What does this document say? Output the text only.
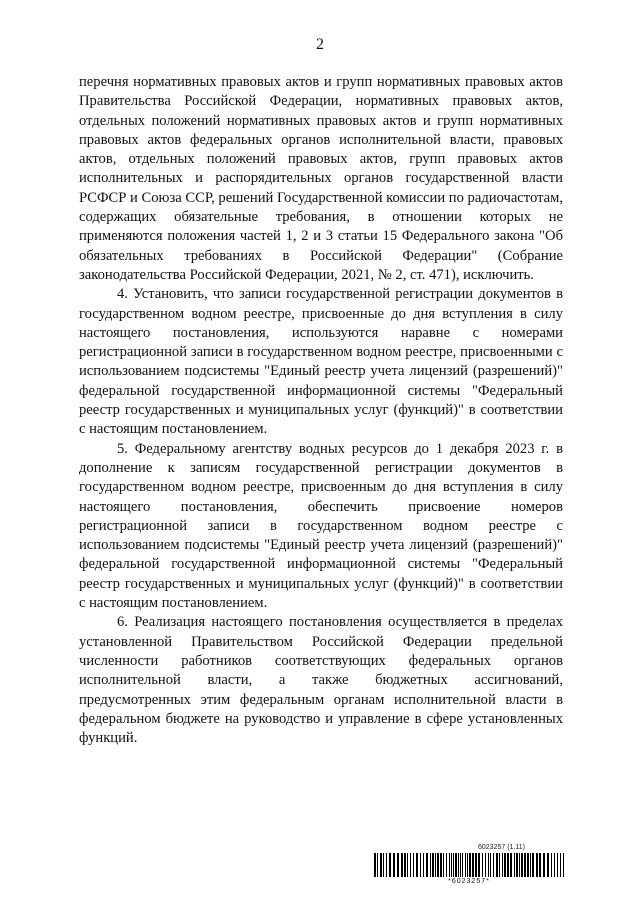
2

перечня нормативных правовых актов и групп нормативных правовых актов Правительства Российской Федерации, нормативных правовых актов, отдельных положений нормативных правовых актов и групп нормативных правовых актов федеральных органов исполнительной власти, правовых актов, отдельных положений правовых актов, групп правовых актов исполнительных и распорядительных органов государственной власти РСФСР и Союза ССР, решений Государственной комиссии по радиочастотам, содержащих обязательные требования, в отношении которых не применяются положения частей 1, 2 и 3 статьи 15 Федерального закона "Об обязательных требованиях в Российской Федерации" (Собрание законодательства Российской Федерации, 2021, № 2, ст. 471), исключить.

4. Установить, что записи государственной регистрации документов в государственном водном реестре, присвоенные до дня вступления в силу настоящего постановления, используются наравне с номерами регистрационной записи в государственном водном реестре, присвоенными с использованием подсистемы "Единый реестр учета лицензий (разрешений)" федеральной государственной информационной системы "Федеральный реестр государственных и муниципальных услуг (функций)" в соответствии с настоящим постановлением.

5. Федеральному агентству водных ресурсов до 1 декабря 2023 г. в дополнение к записям государственной регистрации документов в государственном водном реестре, присвоенным до дня вступления в силу настоящего постановления, обеспечить присвоение номеров регистрационной записи в государственном водном реестре с использованием подсистемы "Единый реестр учета лицензий (разрешений)" федеральной государственной информационной системы "Федеральный реестр государственных и муниципальных услуг (функций)" в соответствии с настоящим постановлением.

6. Реализация настоящего постановления осуществляется в пределах установленной Правительством Российской Федерации предельной численности работников соответствующих федеральных органов исполнительной власти, а также бюджетных ассигнований, предусмотренных этим федеральным органам исполнительной власти в федеральном бюджете на руководство и управление в сфере установленных функций.

6023257 (1.11)
*6023257*
